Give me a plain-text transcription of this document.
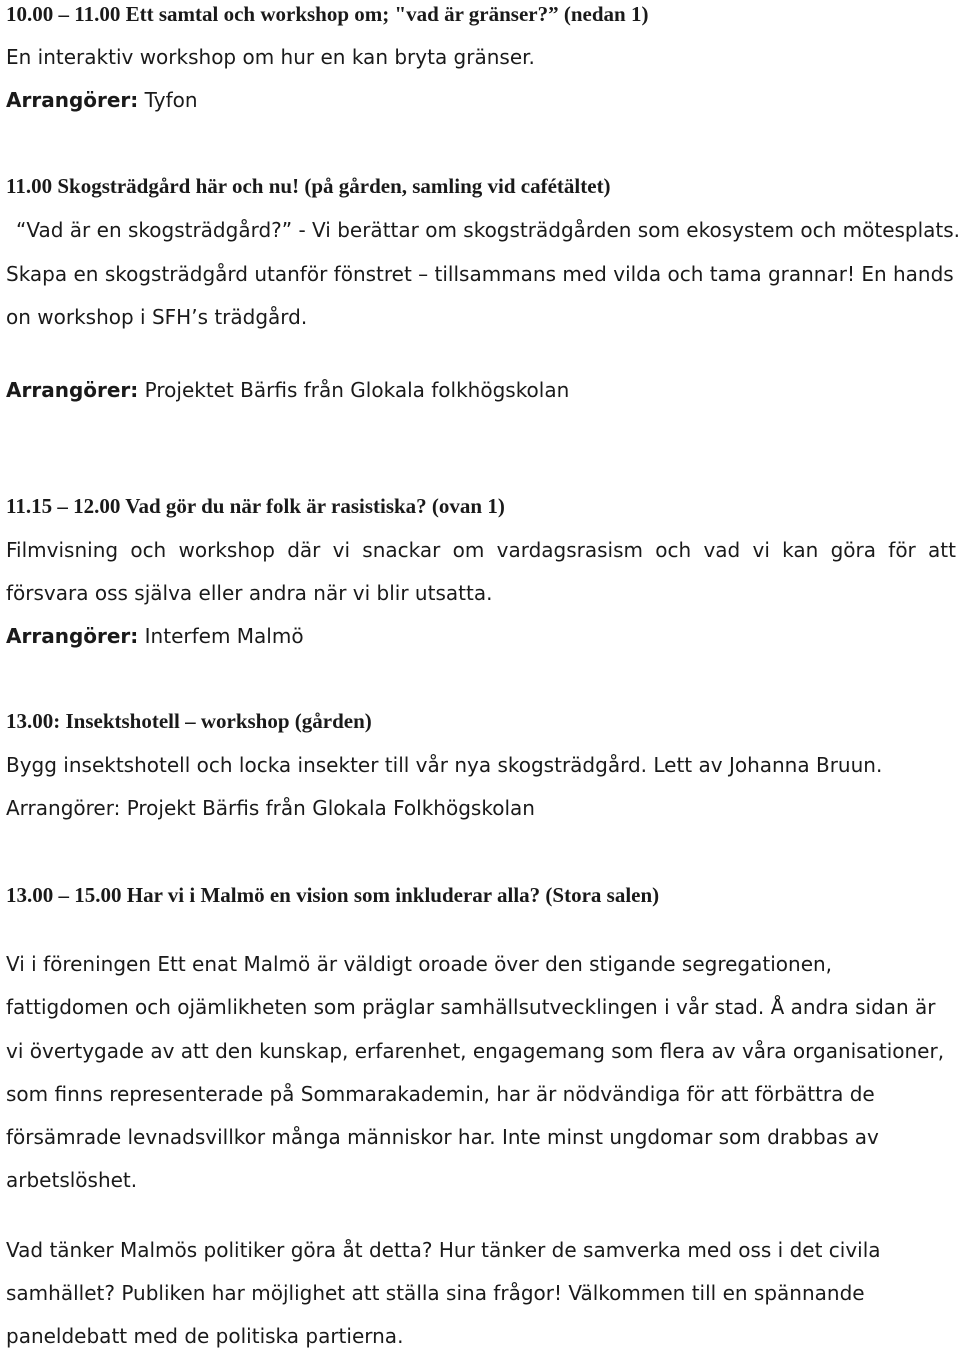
10.00 – 11.00 Ett samtal och workshop om; "vad är gränser?” (nedan 1)
En interaktiv workshop om hur en kan bryta gränser.
Arrangörer: Tyfon
11.00 Skogsträdgård här och nu! (på gården, samling vid cafétältet)
“Vad är en skogsträdgård?” - Vi berättar om skogsträdgården som ekosystem och mötesplats.
Skapa en skogsträdgård utanför fönstret – tillsammans med vilda och tama grannar! En hands
on workshop i SFH’s trädgård.
Arrangörer: Projektet Bärfis från Glokala folkhögskolan
11.15 – 12.00 Vad gör du när folk är rasistiska? (ovan 1)
Filmvisning och workshop där vi snackar om vardagsrasism och vad vi kan göra för att
försvara oss själva eller andra när vi blir utsatta.
Arrangörer: Interfem Malmö
13.00: Insektshotell – workshop (gården)
Bygg insektshotell och locka insekter till vår nya skogsträdgård. Lett av Johanna Bruun.
Arrangörer: Projekt Bärfis från Glokala Folkhögskolan
13.00 – 15.00 Har vi i Malmö en vision som inkluderar alla? (Stora salen)
Vi i föreningen Ett enat Malmö är väldigt oroade över den stigande segregationen,
fattigdomen och ojämlikheten som präglar samhällsutvecklingen i vår stad. Å andra sidan är
vi övertygade av att den kunskap, erfarenhet, engagemang som flera av våra organisationer,
som finns representerade på Sommarakademin, har är nödvändiga för att förbättra de
försämrade levnadsvillkor många människor har. Inte minst ungdomar som drabbas av
arbetslöshet.
Vad tänker Malmös politiker göra åt detta? Hur tänker de samverka med oss i det civila
samhället? Publiken har möjlighet att ställa sina frågor! Välkommen till en spännande
paneldebatt med de politiska partierna.
